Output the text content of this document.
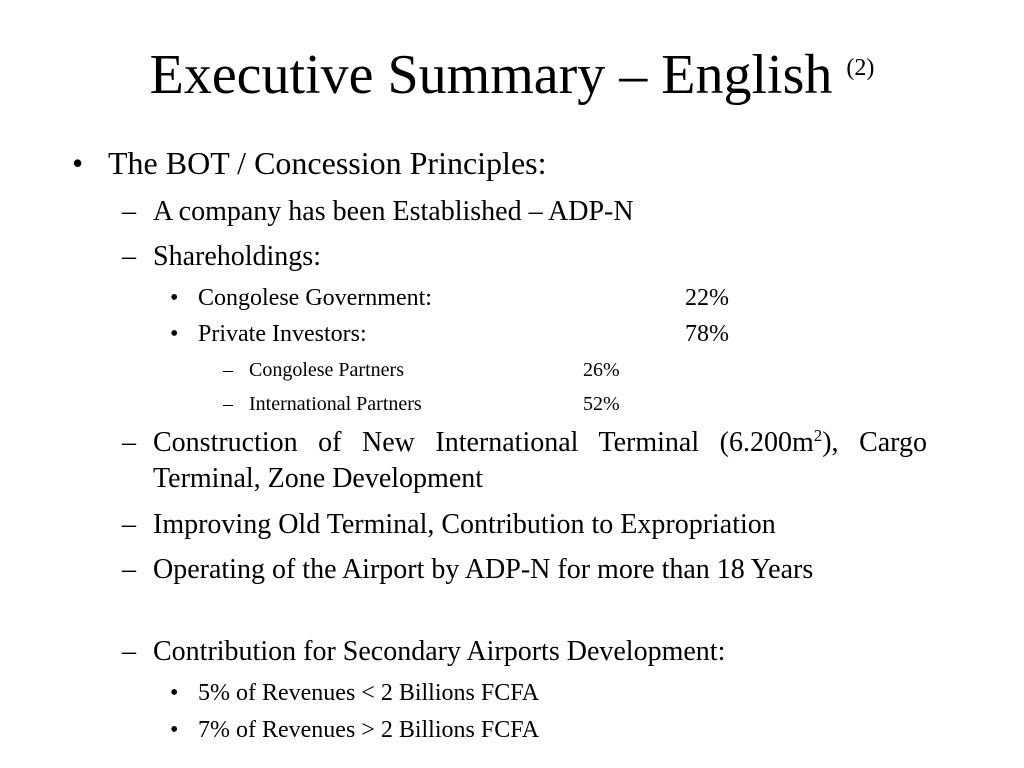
Executive Summary – English $^{(2)}$
• The BOT / Concession Principles:
– A company has been Established – ADP-N
– Shareholdings:
• Congolese Government:	22%
• Private Investors:	78%
– Congolese Partners	26%
– International Partners	52%
– Construction of New International Terminal $(6.200m^2)$, Cargo Terminal, Zone Development
– Improving Old Terminal, Contribution to Expropriation
– Operating of the Airport by ADP-N for more than 18 Years
– Contribution for Secondary Airports Development:
• 5% of Revenues < 2 Billions FCFA
• 7% of Revenues > 2 Billions FCFA
